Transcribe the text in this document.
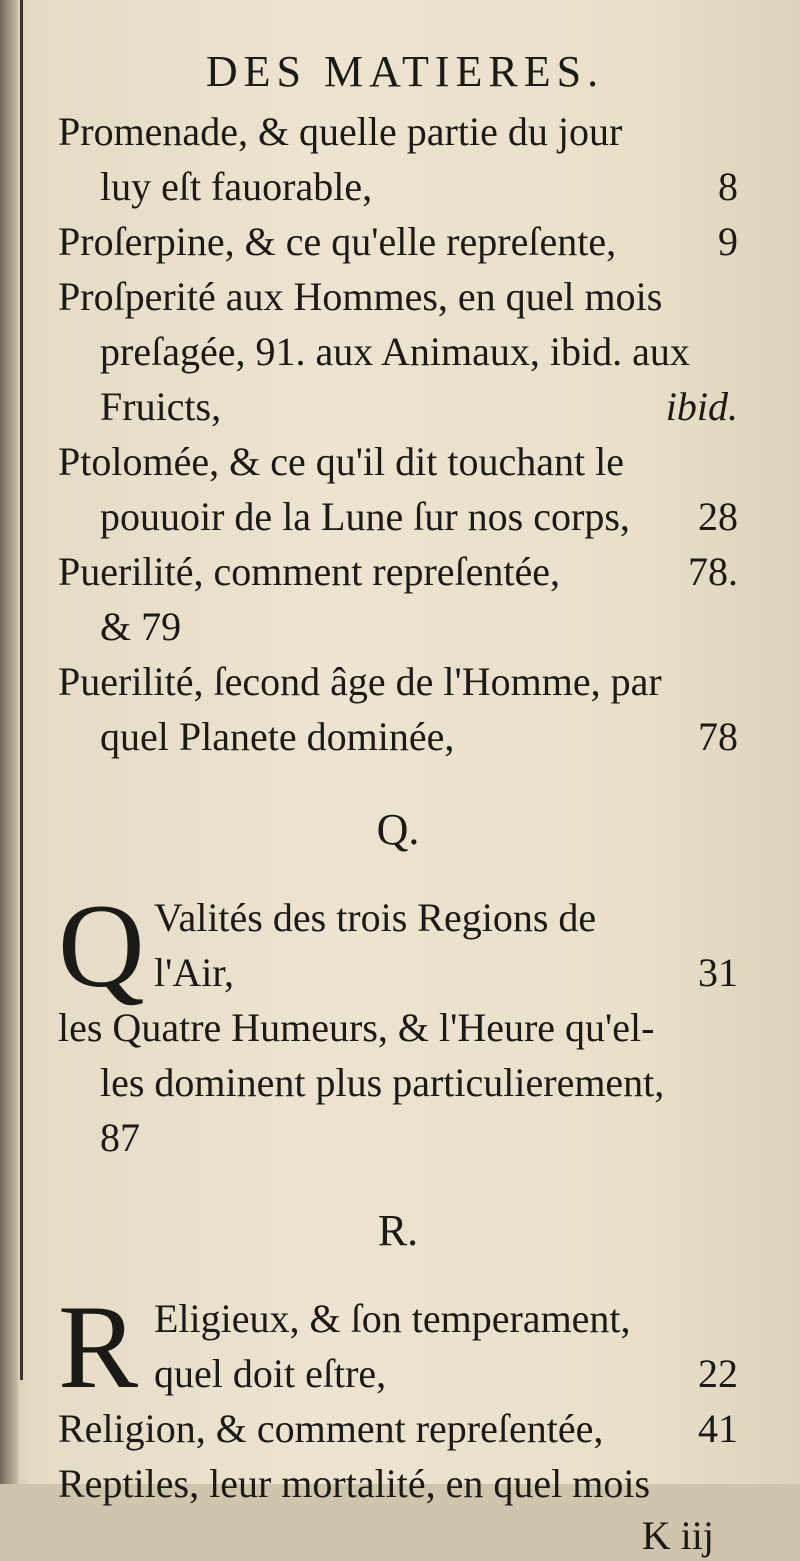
DES MATIERES.
Promenade, & quelle partie du jour
luy eſt fauorable,	8
Proſerpine, & ce qu'elle repreſente,	9
Proſperité aux Hommes, en quel mois
preſagée, 91. aux Animaux, ibid. aux
Fruicts,	ibid.
Ptolomée, & ce qu'il dit touchant le
pouuoir de la Lune ſur nos corps, 28
Puerilité, comment repreſentée,	78.
& 79
Puerilité, ſecond âge de l'Homme, par
quel Planete dominée,	78
Q.
Q Valités des trois Regions de
l'Air,	31
les Quatre Humeurs, & l'Heure qu'el-
les dominent plus particulierement,
87
R.
R Eligieux, & ſon temperament,
quel doit eſtre,	22
Religion, & comment repreſentée, 41
Reptiles, leur mortalité, en quel mois
K iij
